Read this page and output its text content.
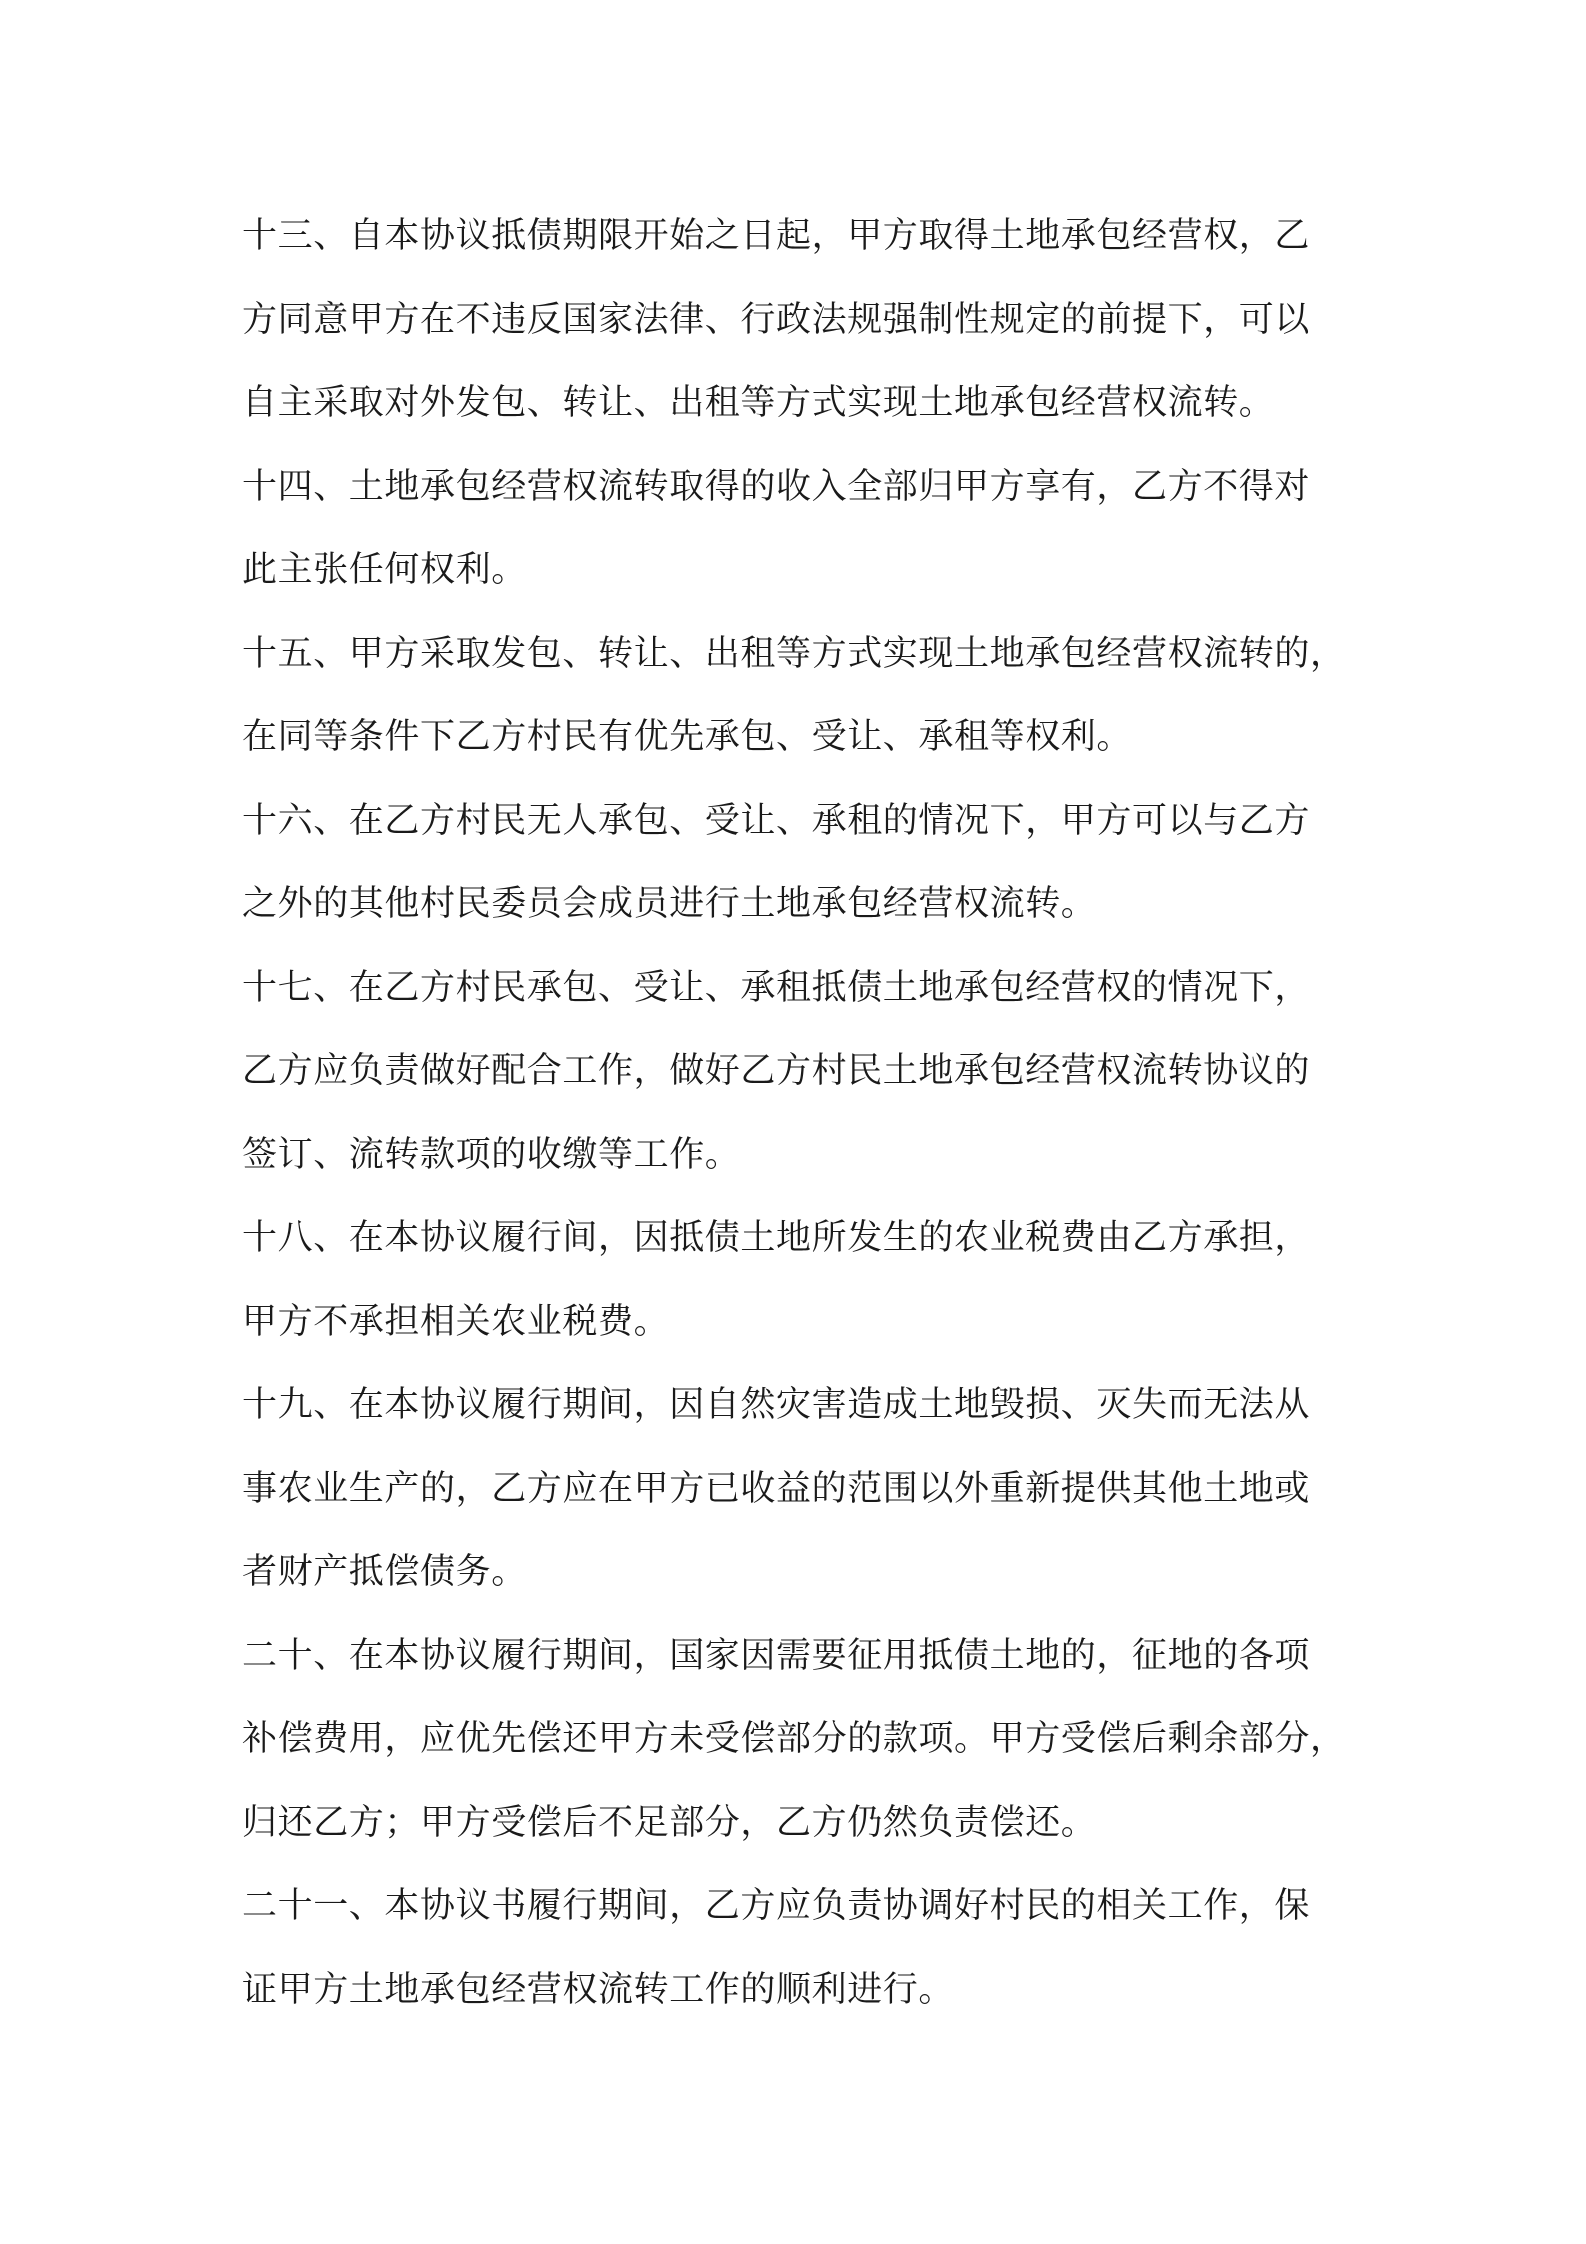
十三、自本协议抵债期限开始之日起，甲方取得土地承包经营权，乙
方同意甲方在不违反国家法律、行政法规强制性规定的前提下，可以
自主采取对外发包、转让、出租等方式实现土地承包经营权流转。
十四、土地承包经营权流转取得的收入全部归甲方享有，乙方不得对
此主张任何权利。
十五、甲方采取发包、转让、出租等方式实现土地承包经营权流转的，
在同等条件下乙方村民有优先承包、受让、承租等权利。
十六、在乙方村民无人承包、受让、承租的情况下，甲方可以与乙方
之外的其他村民委员会成员进行土地承包经营权流转。
十七、在乙方村民承包、受让、承租抵债土地承包经营权的情况下，
乙方应负责做好配合工作，做好乙方村民土地承包经营权流转协议的
签订、流转款项的收缴等工作。
十八、在本协议履行间，因抵债土地所发生的农业税费由乙方承担，
甲方不承担相关农业税费。
十九、在本协议履行期间，因自然灾害造成土地毁损、灭失而无法从
事农业生产的，乙方应在甲方已收益的范围以外重新提供其他土地或
者财产抵偿债务。
二十、在本协议履行期间，国家因需要征用抵债土地的，征地的各项
补偿费用，应优先偿还甲方未受偿部分的款项。甲方受偿后剩余部分，
归还乙方；甲方受偿后不足部分，乙方仍然负责偿还。
二十一、本协议书履行期间，乙方应负责协调好村民的相关工作，保
证甲方土地承包经营权流转工作的顺利进行。
